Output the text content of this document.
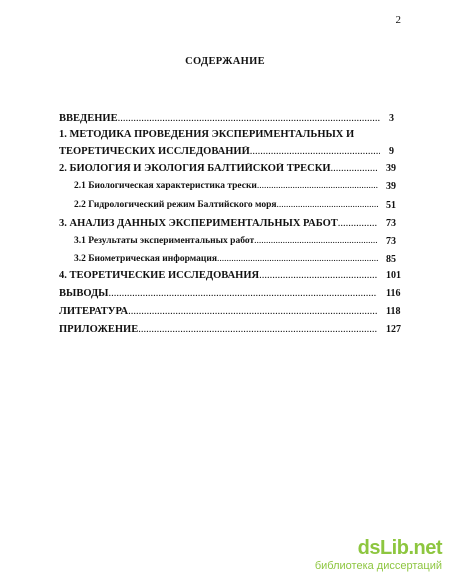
2
СОДЕРЖАНИЕ
ВВЕДЕНИЕ .....	3
1. МЕТОДИКА ПРОВЕДЕНИЯ ЭКСПЕРИМЕНТАЛЬНЫХ И
ТЕОРЕТИЧЕСКИХ ИССЛЕДОВАНИЙ .....	9
2. БИОЛОГИЯ И ЭКОЛОГИЯ БАЛТИЙСКОЙ ТРЕСКИ .....	39
2.1 Биологическая характеристика трески .....	39
2.2 Гидрологический режим Балтийского моря .....	51
3. АНАЛИЗ ДАННЫХ ЭКСПЕРИМЕНТАЛЬНЫХ РАБОТ .....	73
3.1 Результаты экспериментальных работ .....	73
3.2 Биометрическая информация .....	85
4. ТЕОРЕТИЧЕСКИЕ ИССЛЕДОВАНИЯ .....	101
ВЫВОДЫ .....	116
ЛИТЕРАТУРА .....	118
ПРИЛОЖЕНИЕ .....	127
dsLib.net
библиотека диссертаций
